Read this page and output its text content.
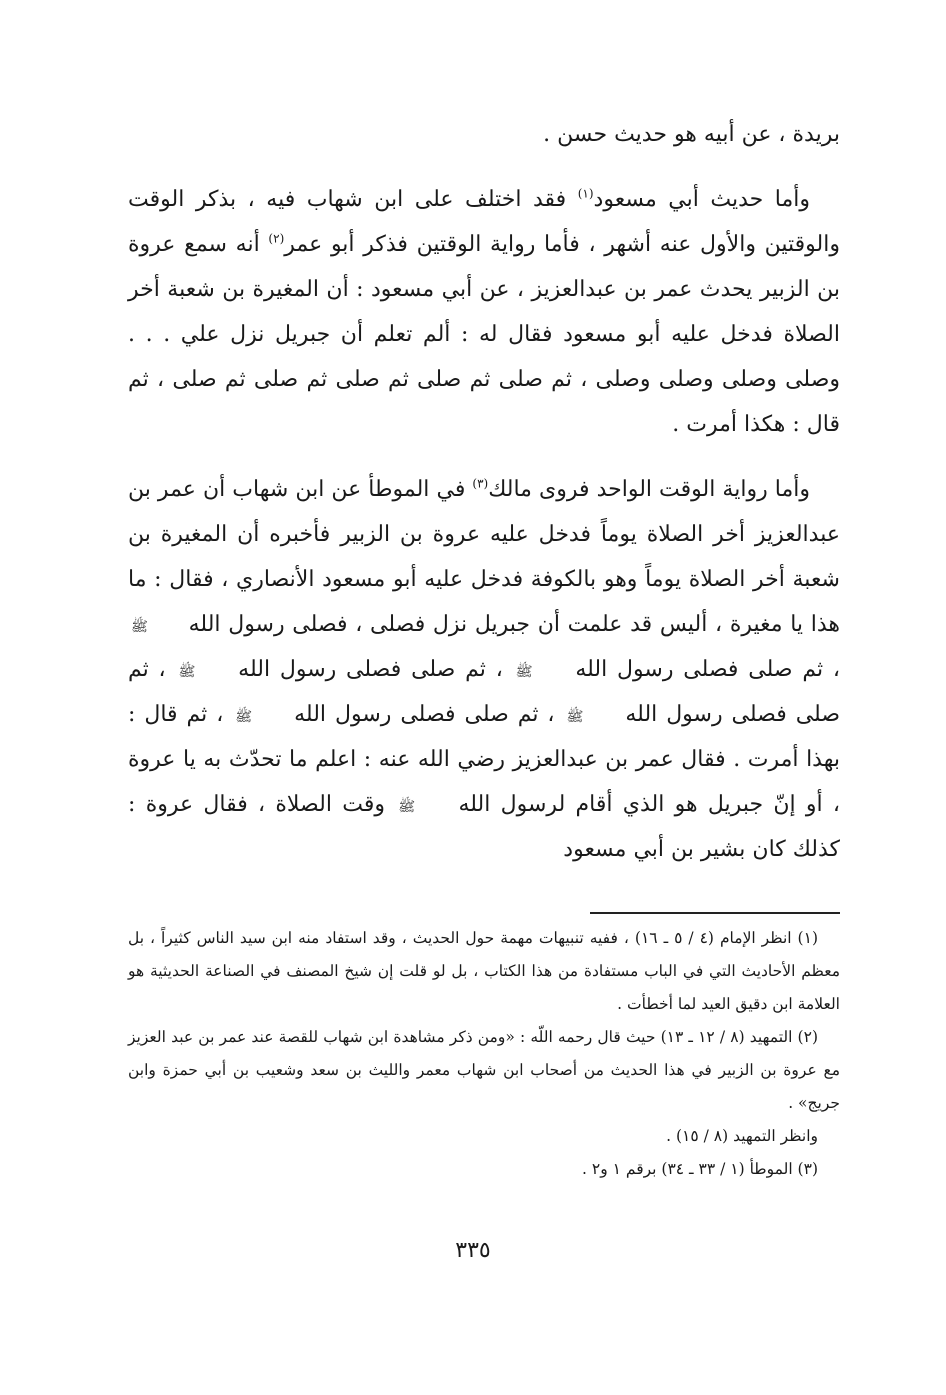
بريدة ، عن أبيه هو حديث حسن .

وأما حديث أبي مسعود$^{(١)}$ فقد اختلف على ابن شهاب فيه ، بذكر الوقت والوقتين والأول عنه أشهر ، فأما رواية الوقتين فذكر أبو عمر$^{(٢)}$ أنه سمع عروة بن الزبير يحدث عمر بن عبدالعزيز ، عن أبي مسعود : أن المغيرة بن شعبة أخر الصلاة فدخل عليه أبو مسعود فقال له : ألم تعلم أن جبريل نزل علي . . . وصلى وصلى وصلى وصلى ، ثم صلى ثم صلى ثم صلى ثم صلى ثم صلى ، ثم قال : هكذا أمرت .

وأما رواية الوقت الواحد فروى مالك$^{(٣)}$ في الموطأ عن ابن شهاب أن عمر بن عبدالعزيز أخر الصلاة يوماً فدخل عليه عروة بن الزبير فأخبره أن المغيرة بن شعبة أخر الصلاة يوماً وهو بالكوفة فدخل عليه أبو مسعود الأنصاري ، فقال : ما هذا يا مغيرة ، أليس قد علمت أن جبريل نزل فصلى ، فصلى رسول الله ﷺ ، ثم صلى فصلى رسول الله ﷺ ، ثم صلى فصلى رسول الله ﷺ ، ثم صلى فصلى رسول الله ﷺ ، ثم صلى فصلى رسول الله ﷺ ، ثم قال : بهذا أمرت . فقال عمر بن عبدالعزيز رضي الله عنه : اعلم ما تحدّث به يا عروة ، أو إنّ جبريل هو الذي أقام لرسول الله ﷺ وقت الصلاة ، فقال عروة : كذلك كان بشير بن أبي مسعود

(١) انظر الإمام (٤ / ٥ ـ ١٦) ، ففيه تنبيهات مهمة حول الحديث ، وقد استفاد منه ابن سيد الناس كثيراً ، بل معظم الأحاديث التي في الباب مستفادة من هذا الكتاب ، بل لو قلت إن شيخ المصنف في الصناعة الحديثية هو العلامة ابن دقيق العيد لما أخطأت .

(٢) التمهيد (٨ / ١٢ ـ ١٣) حيث قال رحمه اللّه : «ومن ذكر مشاهدة ابن شهاب للقصة عند عمر بن عبد العزيز مع عروة بن الزبير في هذا الحديث من أصحاب ابن شهاب معمر والليث بن سعد وشعيب بن أبي حمزة وابن جريج» .

وانظر التمهيد (٨ / ١٥) .

(٣) الموطأ (١ / ٣٣ ـ ٣٤) برقم ١ و٢ .

٣٣٥
